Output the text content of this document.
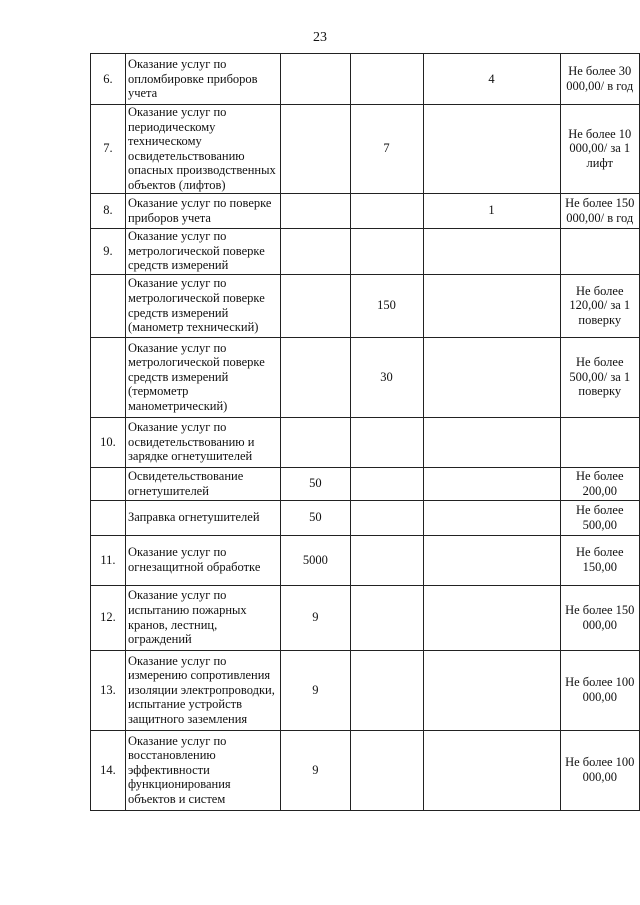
23
6.	Оказание услуг по опломбировке приборов учета			4	Не более 30 000,00/ в год
7.	Оказание услуг по периодическому техническому освидетельствованию опасных производственных объектов (лифтов)		7		Не более 10 000,00/ за 1 лифт
8.	Оказание услуг по поверке приборов учета			1	Не более 150 000,00/ в год
9.	Оказание услуг по метрологической поверке средств измерений				
	Оказание услуг по метрологической поверке средств измерений (манометр технический)		150		Не более 120,00/ за 1 поверку
	Оказание услуг по метрологической поверке средств измерений (термометр манометрический)		30		Не более 500,00/ за 1 поверку
10.	Оказание услуг по освидетельствованию и зарядке огнетушителей				
	Освидетельствование огнетушителей	50			Не более 200,00
	Заправка огнетушителей	50			Не более 500,00
11.	Оказание услуг по огнезащитной обработке	5000			Не более 150,00
12.	Оказание услуг по испытанию пожарных кранов, лестниц, ограждений	9			Не более 150 000,00
13.	Оказание услуг по измерению сопротивления изоляции электропроводки, испытание устройств защитного заземления	9			Не более 100 000,00
14.	Оказание услуг по восстановлению эффективности функционирования объектов и систем	9			Не более 100 000,00
